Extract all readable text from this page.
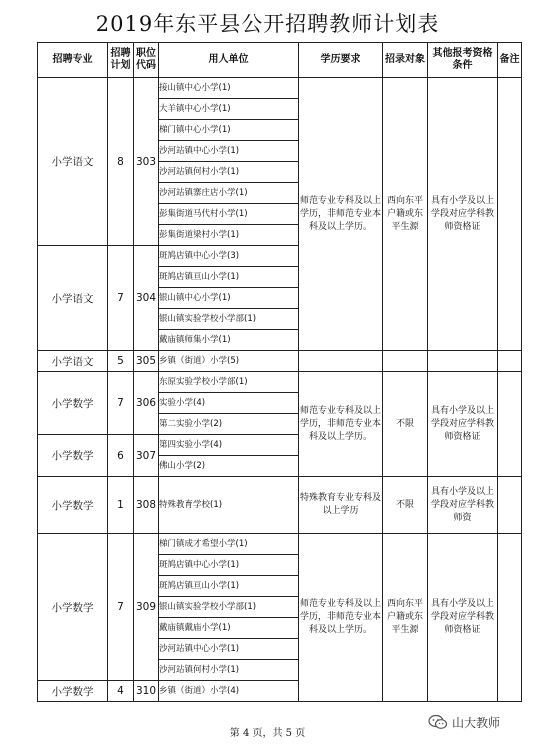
2019年东平县公开招聘教师计划表
招聘专业	招聘计划	职位代码	用人单位	学历要求	招录对象	其他报考资格条件	备注
小学语文	8	303	接山镇中心小学(1)	师范专业专科及以上学历，非师范专业本科及以上学历。	西向东平户籍或东平生源	具有小学及以上学段对应学科教师资格证	
			大羊镇中心小学(1)				
			梯门镇中心小学(1)				
			沙河站镇中心小学(1)				
			沙河站镇何村小学(1)				
			沙河站镇寨庄店小学(1)				
			彭集街道马代村小学(1)				
			彭集街道梁村小学(1)				
小学语文	7	304	斑鸠店镇中心小学(3)				
			斑鸠店镇亘山小学(1)				
			银山镇中心小学(1)				
			银山镇实验学校小学部(1)				
			戴庙镇师集小学(1)				
小学语文	5	305	乡镇（街道）小学(5)				
小学数学	7	306	东原实验学校小学部(1)	师范专业专科及以上学历，非师范专业本科及以上学历。	不限	具有小学及以上学段对应学科教师资格证	
			实验小学(4)				
			第二实验小学(2)				
小学数学	6	307	第四实验小学(4)				
			佛山小学(2)				
小学数学	1	308	特殊教育学校(1)	特殊教育专业专科及以上学历	不限	具有小学及以上学段对应学科教师资	
小学数学	7	309	梯门镇成才希望小学(1)	师范专业专科及以上学历，非师范专业本科及以上学历。	西向东平户籍或东平生源	具有小学及以上学段对应学科教师资格证	
			斑鸠店镇中心小学(1)				
			斑鸠店镇亘山小学(1)				
			银山镇实验学校小学部(1)				
			戴庙镇戴庙小学(1)				
			沙河站镇中心小学(1)				
			沙河站镇何村小学(1)				
小学数学	4	310	乡镇（街道）小学(4)				
第 4 页，共 5 页
山大教师
